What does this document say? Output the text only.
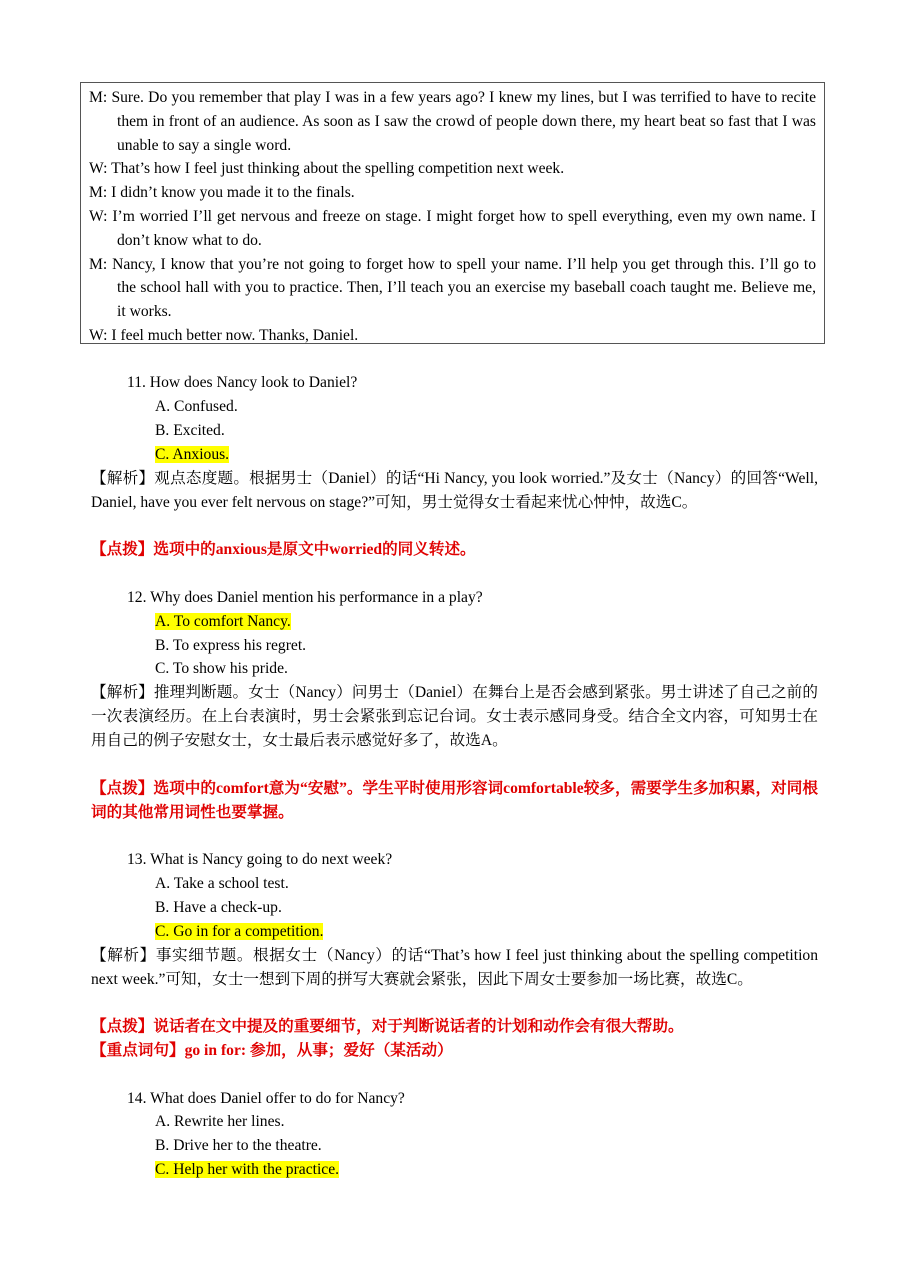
M: Sure. Do you remember that play I was in a few years ago? I knew my lines, but I was terrified to have to recite them in front of an audience. As soon as I saw the crowd of people down there, my heart beat so fast that I was unable to say a single word.

W: That’s how I feel just thinking about the spelling competition next week.

M: I didn’t know you made it to the finals.

W: I’m worried I’ll get nervous and freeze on stage. I might forget how to spell everything, even my own name. I don’t know what to do.

M: Nancy, I know that you’re not going to forget how to spell your name. I’ll help you get through this. I’ll go to the school hall with you to practice. Then, I’ll teach you an exercise my baseball coach taught me. Believe me, it works.

W: I feel much better now. Thanks, Daniel.

11. How does Nancy look to Daniel?
A. Confused.
B. Excited.
C. Anxious.
【解析】观点态度题。根据男士（Daniel）的话“Hi Nancy, you look worried.”及女士（Nancy）的回答“Well, Daniel, have you ever felt nervous on stage?”可知，男士觉得女士看起来忧心忡忡，故选C。
【点拨】选项中的anxious是原文中worried的同义转述。
12. Why does Daniel mention his performance in a play?
A. To comfort Nancy.
B. To express his regret.
C. To show his pride.
【解析】推理判断题。女士（Nancy）问男士（Daniel）在舞台上是否会感到紧张。男士讲述了自己之前的一次表演经历。在上台表演时，男士会紧张到忘记台词。女士表示感同身受。结合全文内容，可知男士在用自己的例子安慰女士，女士最后表示感觉好多了，故选A。
【点拨】选项中的comfort意为“安慰”。学生平时使用形容词comfortable较多，需要学生多加积累，对同根词的其他常用词性也要掌握。
13. What is Nancy going to do next week?
A. Take a school test.
B. Have a check-up.
C. Go in for a competition.
【解析】事实细节题。根据女士（Nancy）的话“That’s how I feel just thinking about the spelling competition next week.”可知，女士一想到下周的拼写大赛就会紧张，因此下周女士要参加一场比赛，故选C。
【点拨】说话者在文中提及的重要细节，对于判断说话者的计划和动作会有很大帮助。
【重点词句】go in for: 参加，从事；爱好（某活动）
14. What does Daniel offer to do for Nancy?
A. Rewrite her lines.
B. Drive her to the theatre.
C. Help her with the practice.
